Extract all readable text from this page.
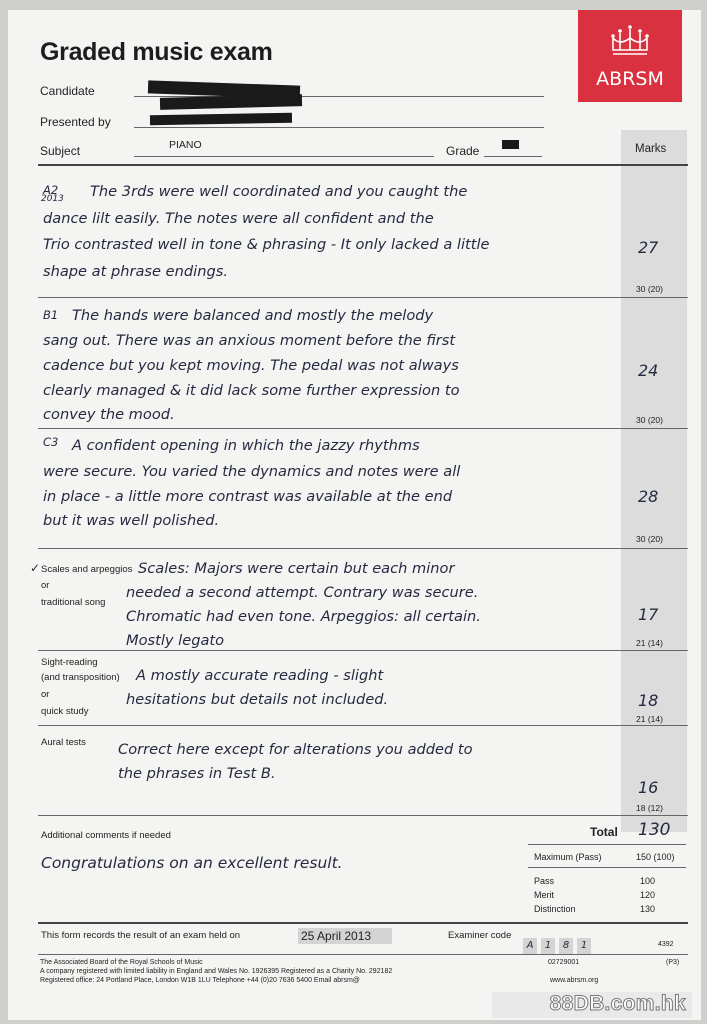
Graded music exam
ABRSM
Candidate
Presented by
Subject	PIANO	Grade	Marks
A2
2013 The 3rds were well coordinated and you caught the
dance lilt easily. The notes were all confident and the
Trio contrasted well in tone & phrasing - It only lacked a little
shape at phrase endings.
27
30 (20)
B1 The hands were balanced and mostly the melody
sang out. There was an anxious moment before the first
cadence but you kept moving. The pedal was not always
clearly managed & it did lack some further expression to
convey the mood.
24
30 (20)
C3 A confident opening in which the jazzy rhythms
were secure. You varied the dynamics and notes were all
in place - a little more contrast was available at the end
but it was well polished.
28
30 (20)
✓ Scales and arpeggios
or
traditional song
Scales: Majors were certain but each minor
needed a second attempt. Contrary was secure.
Chromatic had even tone. Arpeggios: all certain.
Mostly legato
17
21 (14)
Sight-reading
(and transposition)
or
quick study
A mostly accurate reading - slight
hesitations but details not included.	18
21 (14)
Aural tests Correct here except for alterations you added to
the phrases in Test B.
16
18 (12)
Additional comments if needed
Congratulations on an excellent result.
Total 130
Maximum (Pass)	150 (100)
Pass	100
Merit	120
Distinction	130
This form records the result of an exam held on	25 April 2013	Examiner code
A	1	8	1	4392
The Associated Board of the Royal Schools of Music
A company registered with limited liability in England and Wales No. 1926395 Registered as a Charity No. 292182
Registered office: 24 Portland Place, London W1B 1LU Telephone +44 (0)20 7636 5400 Email abrsm@	www.abrsm.org
02729001	(P3)
88DB.com.hk
